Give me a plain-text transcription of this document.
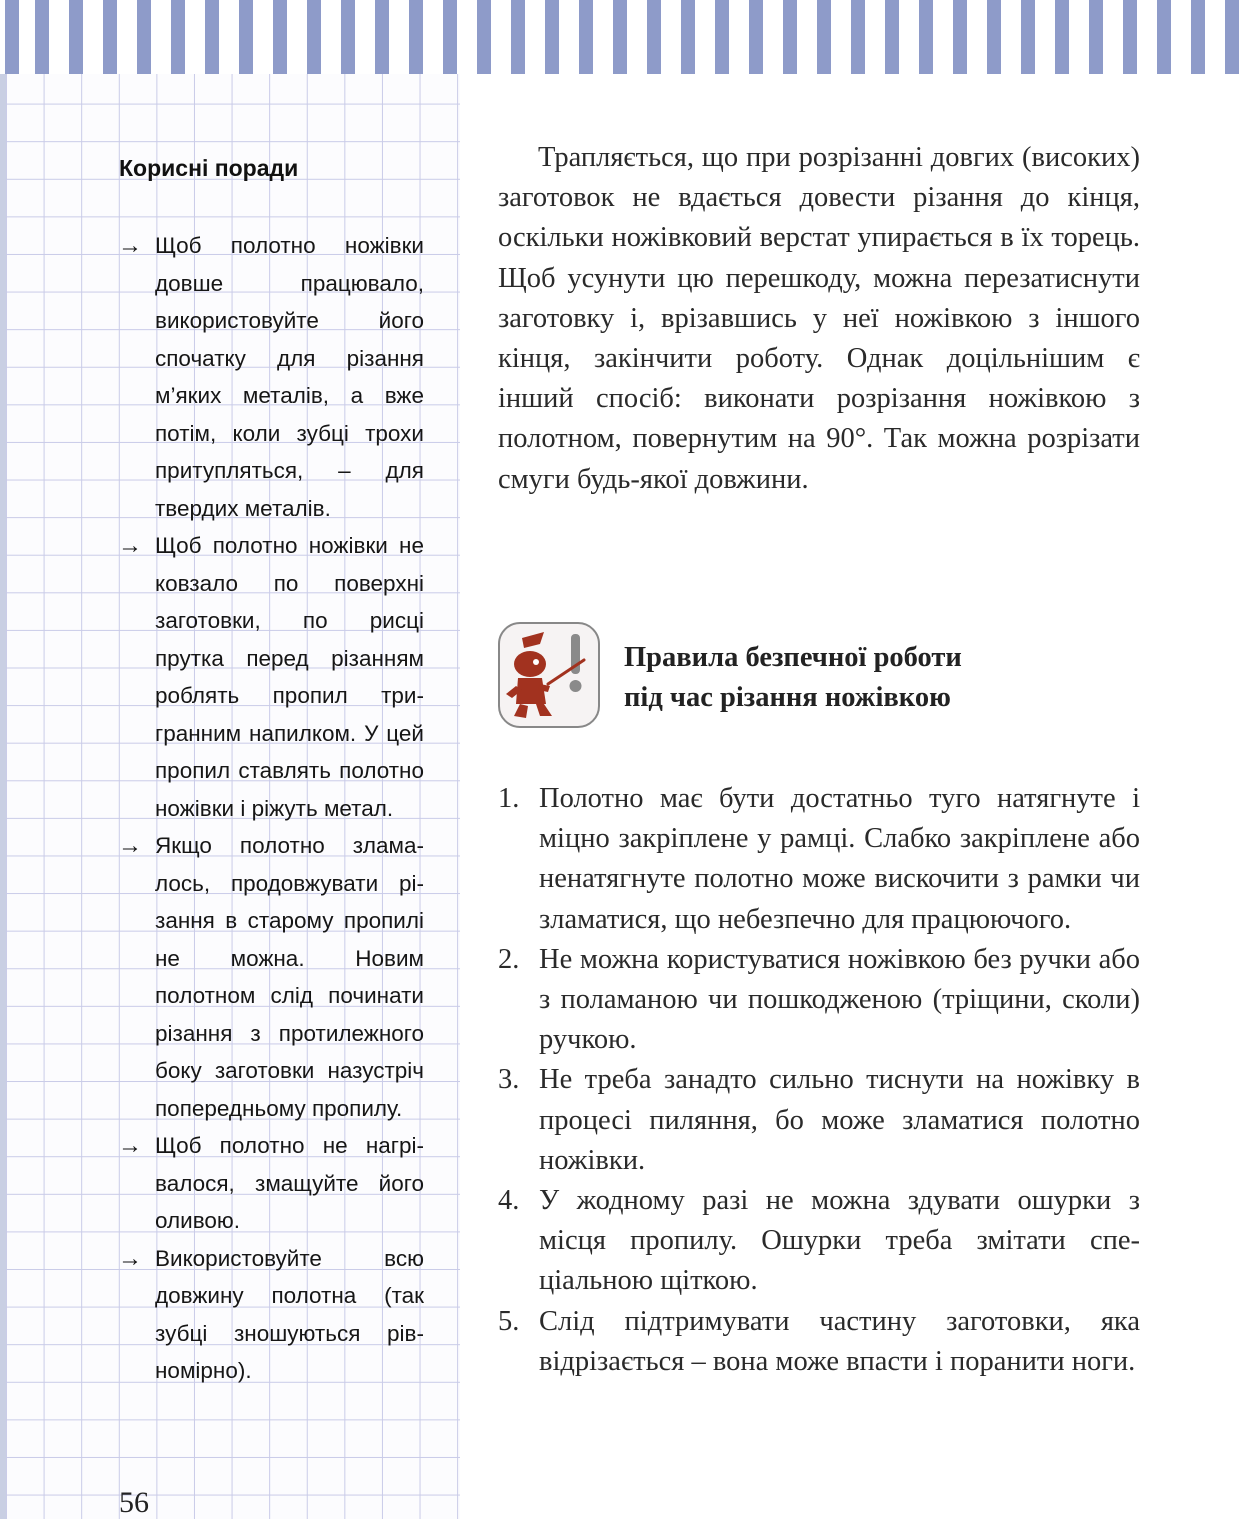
Корисні поради
→ Щоб полотно ножівки довше працювало, використовуйте його спочатку для різання м’яких металів, а вже потім, коли зубці трохи притупляться, – для твердих металів.
→ Щоб полотно ножівки не ковзало по поверхні заготовки, по рисці прутка перед різанням роблять пропил тригранним напилком. У цей пропил ставлять полотно ножівки і ріжуть метал.
→ Якщо полотно зламалось, продовжувати різання в старому пропилі не можна. Новим полотном слід починати різання з протилежного боку заготовки назустріч попередньому пропилу.
→ Щоб полотно не нагрівалося, змащуйте його оливою.
→ Використовуйте всю довжину полотна (так зубці зношуються рівномірно).
56

Трапляється, що при розрізанні довгих (високих) заготовок не вдається довести різання до кінця, оскільки ножівковий верстат упирається в їх торець. Щоб усунути цю перешкоду, можна перезатиснути заготовку і, врізавшись у неї ножівкою з іншого кінця, закінчити роботу. Однак доцільнішим є інший спосіб: виконати розрізання ножівкою з полотном, повернутим на 90°. Так можна розрізати смуги будь-якої довжини.

Правила безпечної роботи
під час різання ножівкою
1. Полотно має бути достатньо туго натягнуте і міцно закріплене у рамці. Слабко закріплене або ненатягнуте полотно може вискочити з рамки чи зламатися, що небезпечно для працюючого.
2. Не можна користуватися ножівкою без ручки або з поламаною чи пошкодженою (тріщини, сколи) ручкою.
3. Не треба занадто сильно тиснути на ножівку в процесі пиляння, бо може зламатися полотно ножівки.
4. У жодному разі не можна здувати ошурки з місця пропилу. Ошурки треба змітати спеціальною щіткою.
5. Слід підтримувати частину заготовки, яка відрізається – вона може впасти і поранити ноги.
